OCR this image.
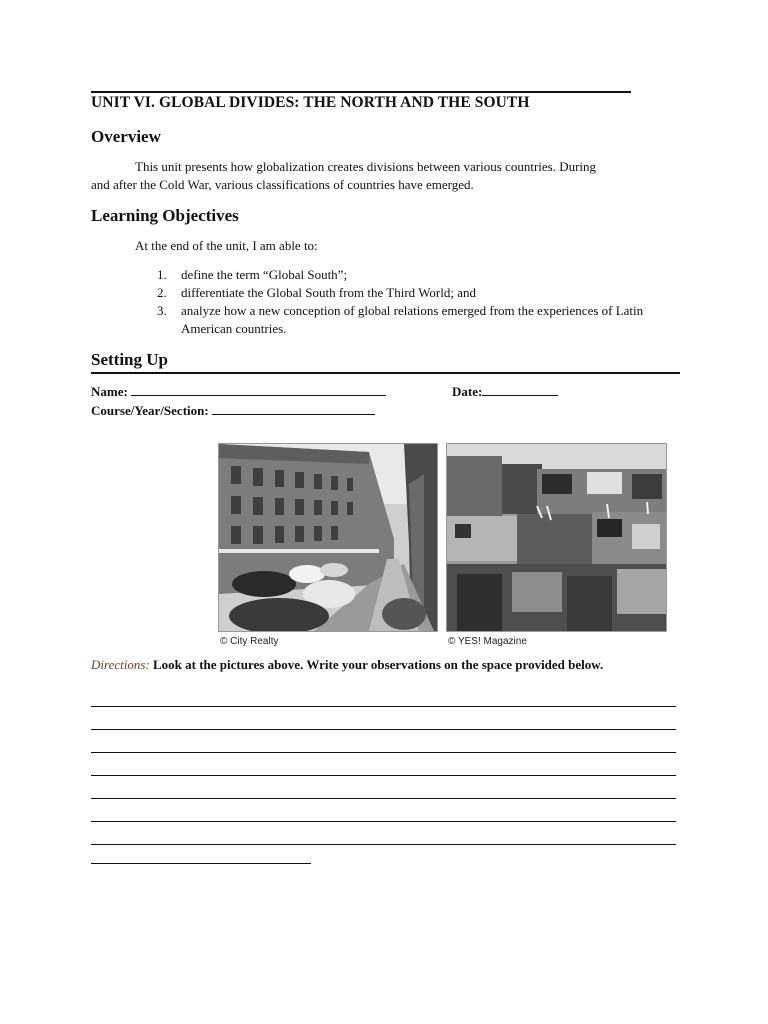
UNIT VI. GLOBAL DIVIDES: THE NORTH AND THE SOUTH
Overview
This unit presents how globalization creates divisions between various countries. During
and after the Cold War, various classifications of countries have emerged.
Learning Objectives
At the end of the unit, I am able to:
1. define the term “Global South”;
2. differentiate the Global South from the Third World; and
3. analyze how a new conception of global relations emerged from the experiences of Latin American countries.
Setting Up
Name:	Date:
Course/Year/Section:
© City Realty	© YES! Magazine
Directions: Look at the pictures above. Write your observations on the space provided below.
